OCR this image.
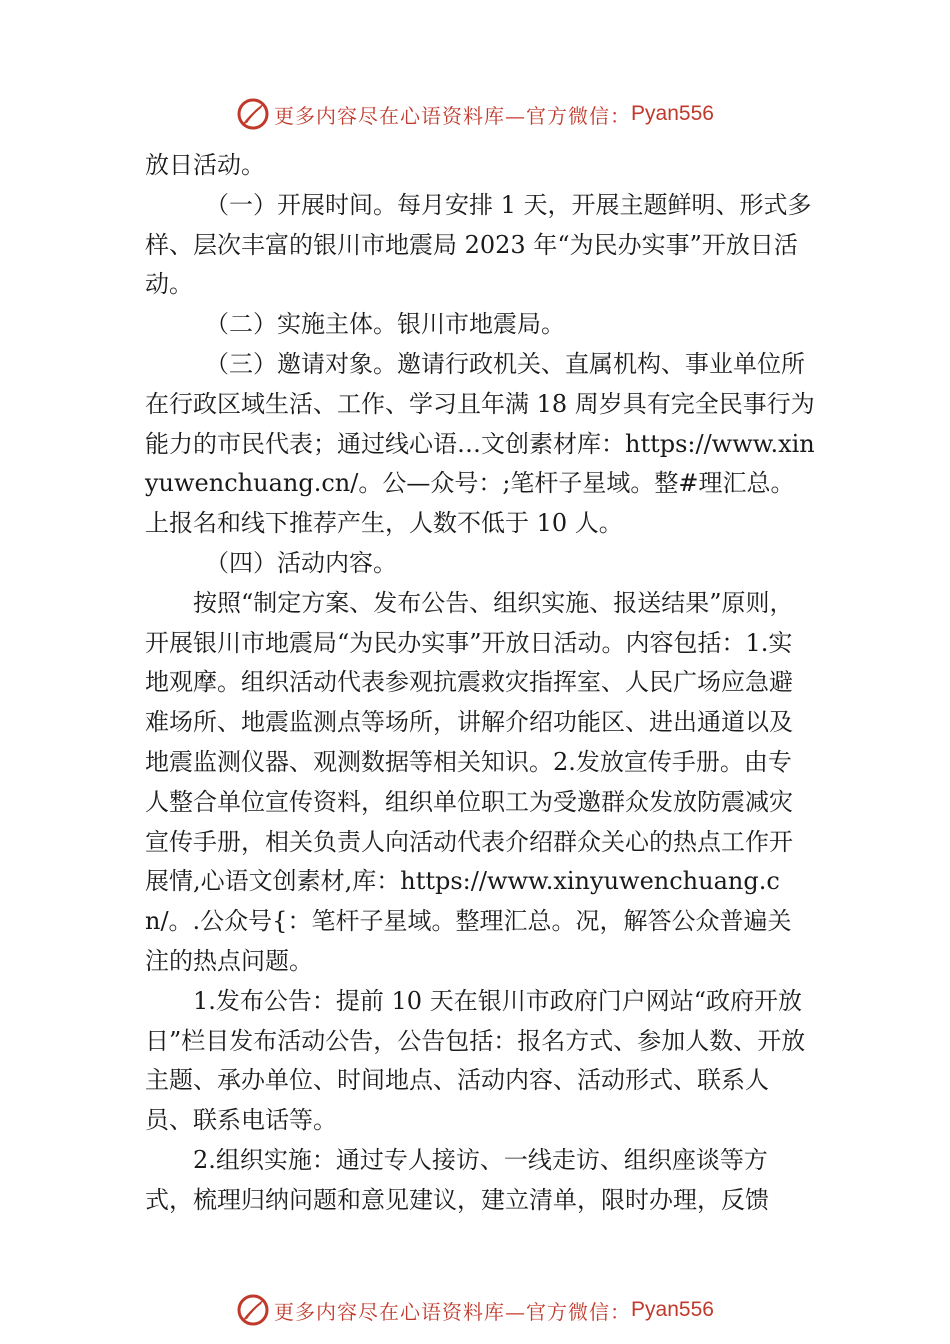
更多内容尽在心语资料库—官方微信： Pyan556

放日活动。

（一）开展时间。每月安排 1 天，开展主题鲜明、形式多样、层次丰富的银川市地震局 2023 年“为民办实事”开放日活动。

（二）实施主体。银川市地震局。

（三）邀请对象。邀请行政机关、直属机构、事业单位所在行政区域生活、工作、学习且年满 18 周岁具有完全民事行为能力的市民代表；通过线心语…文创素材库：https://www.xinyuwenchuang.cn/。公—众号：;笔杆子星域。整#理汇总。上报名和线下推荐产生，人数不低于 10 人。

（四）活动内容。

按照“制定方案、发布公告、组织实施、报送结果”原则，开展银川市地震局“为民办实事”开放日活动。内容包括：1.实地观摩。组织活动代表参观抗震救灾指挥室、人民广场应急避难场所、地震监测点等场所，讲解介绍功能区、进出通道以及地震监测仪器、观测数据等相关知识。2.发放宣传手册。由专人整合单位宣传资料，组织单位职工为受邀群众发放防震减灾宣传手册，相关负责人向活动代表介绍群众关心的热点工作开展情,心语文创素材,库：https://www.xinyuwenchuang.cn/。.公众号{：笔杆子星域。整理汇总。况，解答公众普遍关注的热点问题。

1.发布公告：提前 10 天在银川市政府门户网站“政府开放日”栏目发布活动公告，公告包括：报名方式、参加人数、开放主题、承办单位、时间地点、活动内容、活动形式、联系人员、联系电话等。

2.组织实施：通过专人接访、一线走访、组织座谈等方式，梳理归纳问题和意见建议，建立清单，限时办理，反馈

更多内容尽在心语资料库—官方微信： Pyan556
